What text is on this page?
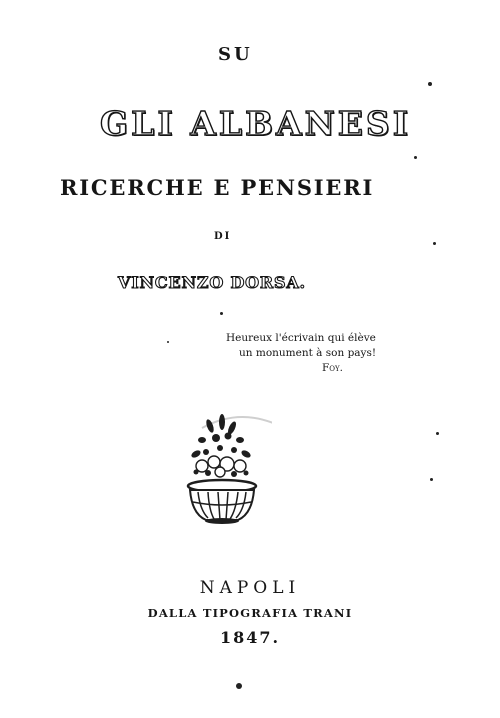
SU
GLI ALBANESI
RICERCHE E PENSIERI
DI
VINCENZO DORSA.
Heureux l'écrivain qui élève
un monument à son pays!
Foy.
NAPOLI
DALLA TIPOGRAFIA TRANI
1847.
